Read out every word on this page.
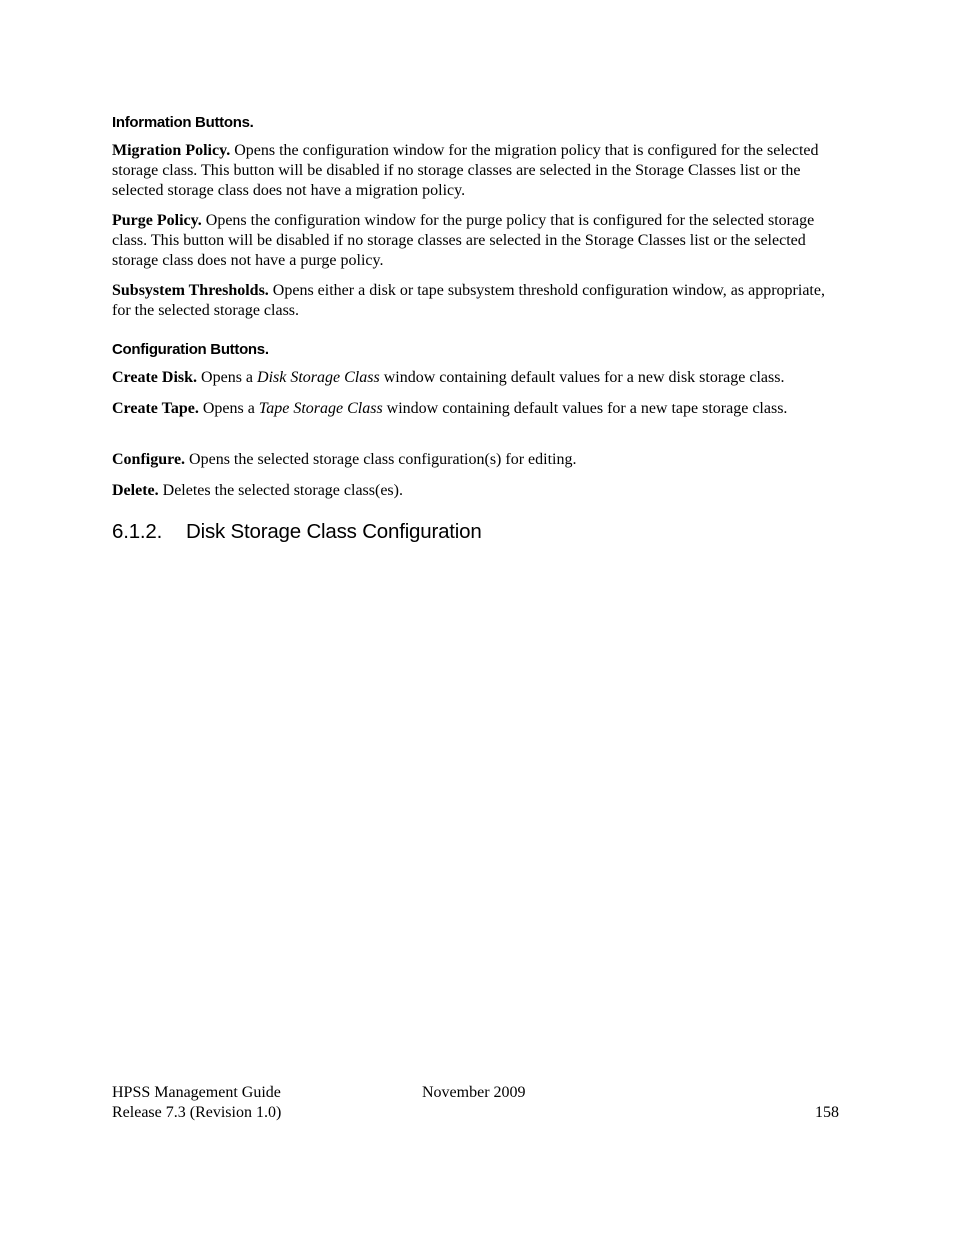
Information Buttons.

Migration Policy. Opens the configuration window for the migration policy that is configured for the selected storage class. This button will be disabled if no storage classes are selected in the Storage Classes list or the selected storage class does not have a migration policy.

Purge Policy. Opens the configuration window for the purge policy that is configured for the selected storage class. This button will be disabled if no storage classes are selected in the Storage Classes list or the selected storage class does not have a purge policy.

Subsystem Thresholds. Opens either a disk or tape subsystem threshold configuration window, as appropriate, for the selected storage class.

Configuration Buttons.

Create Disk. Opens a Disk Storage Class window containing default values for a new disk storage class.

Create Tape. Opens a Tape Storage Class window containing default values for a new tape storage class.

Configure. Opens the selected storage class configuration(s) for editing.

Delete. Deletes the selected storage class(es).

6.1.2. Disk Storage Class Configuration
HPSS Management Guide
Release 7.3 (Revision 1.0)
November 2009
158
